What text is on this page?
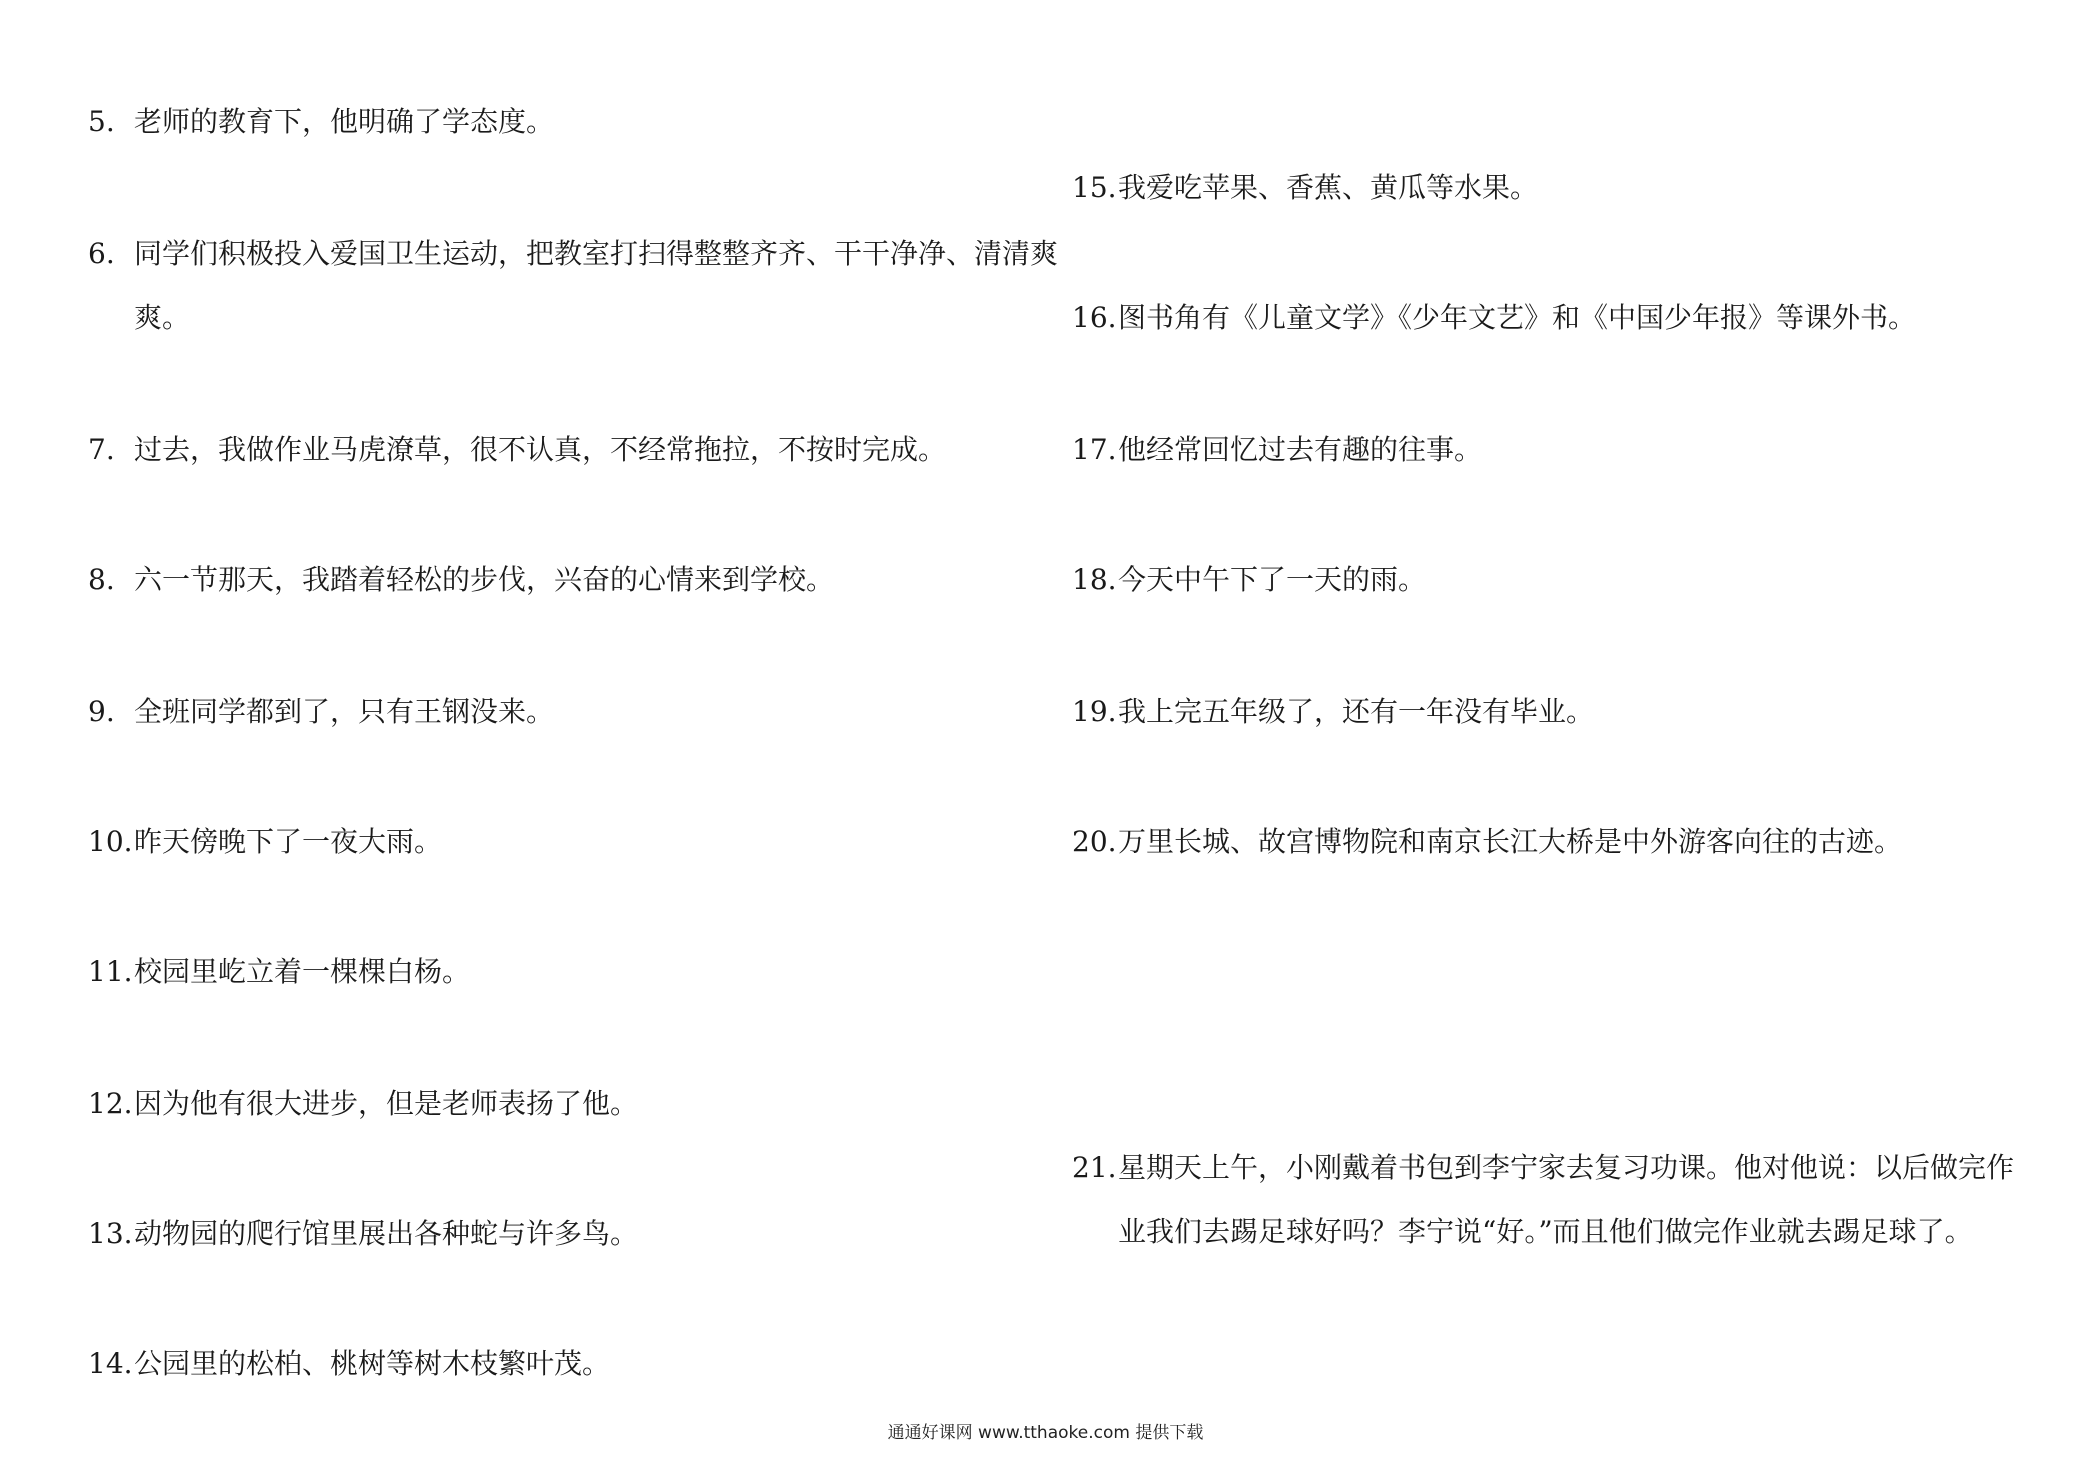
5. 老师的教育下，他明确了学态度。
6. 同学们积极投入爱国卫生运动，把教室打扫得整整齐齐、干干净净、清清爽爽。
7. 过去，我做作业马虎潦草，很不认真，不经常拖拉，不按时完成。
8. 六一节那天，我踏着轻松的步伐，兴奋的心情来到学校。
9. 全班同学都到了，只有王钢没来。
10. 昨天傍晚下了一夜大雨。
11. 校园里屹立着一棵棵白杨。
12. 因为他有很大进步，但是老师表扬了他。
13. 动物园的爬行馆里展出各种蛇与许多鸟。
14. 公园里的松柏、桃树等树木枝繁叶茂。
15. 我爱吃苹果、香蕉、黄瓜等水果。
16. 图书角有《儿童文学》《少年文艺》和《中国少年报》等课外书。
17. 他经常回忆过去有趣的往事。
18. 今天中午下了一天的雨。
19. 我上完五年级了，还有一年没有毕业。
20. 万里长城、故宫博物院和南京长江大桥是中外游客向往的古迹。
21. 星期天上午，小刚戴着书包到李宁家去复习功课。他对他说：以后做完作业我们去踢足球好吗？李宁说“好。”而且他们做完作业就去踢足球了。
通通好课网 www.tthaoke.com 提供下载
